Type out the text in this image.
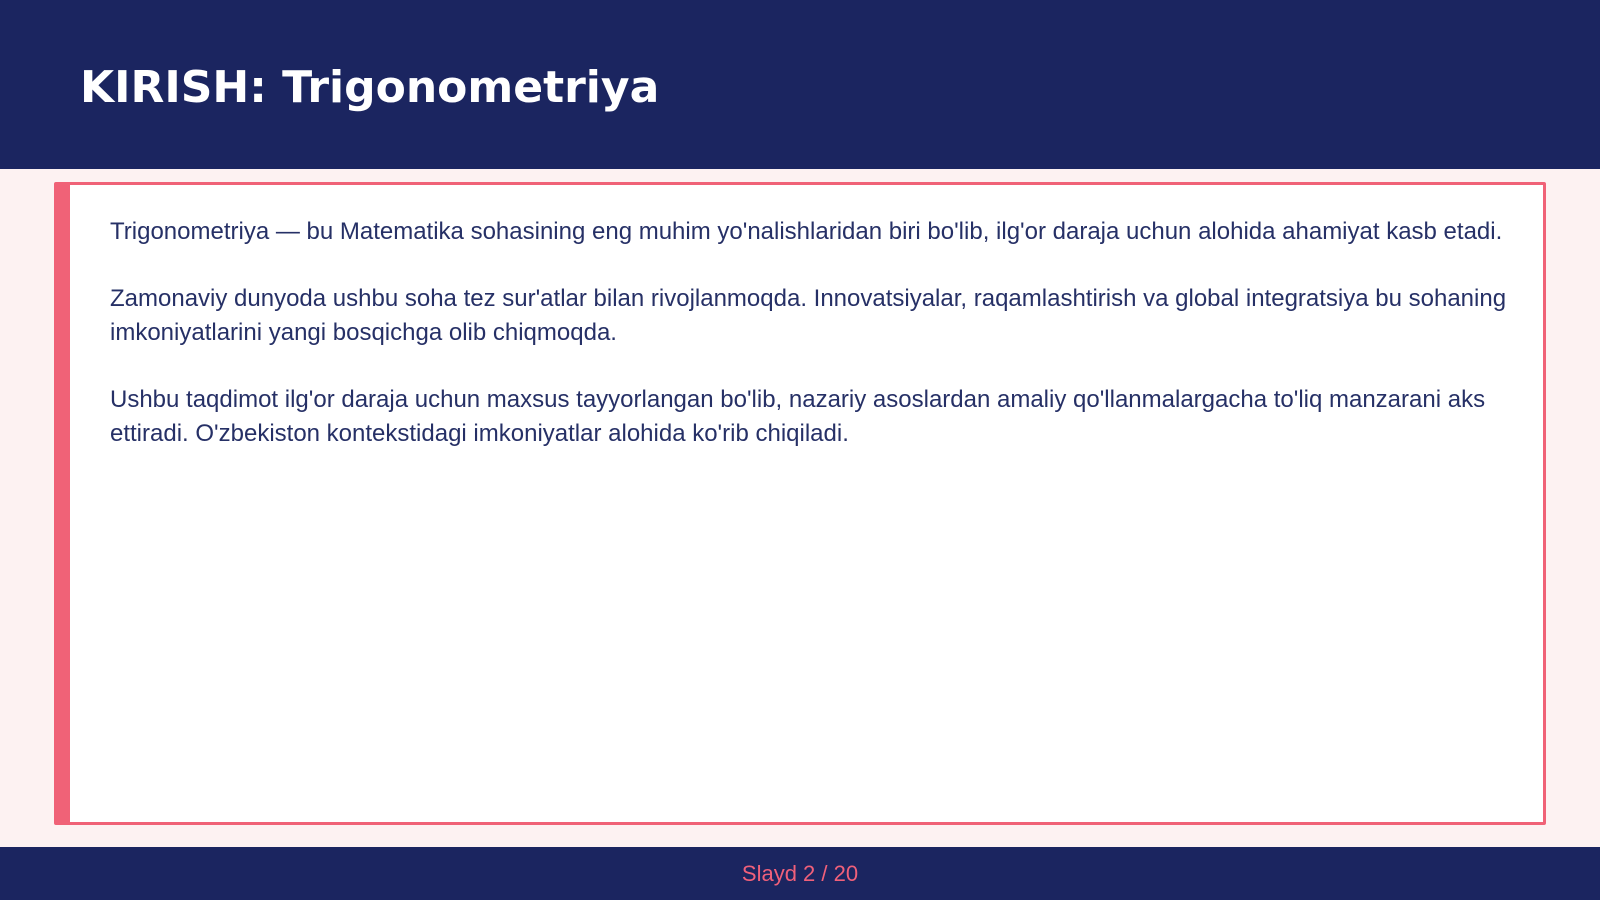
KIRISH: Trigonometriya

Trigonometriya — bu Matematika sohasining eng muhim yo'nalishlaridan biri bo'lib, ilg'or daraja uchun alohida ahamiyat kasb etadi.

Zamonaviy dunyoda ushbu soha tez sur'atlar bilan rivojlanmoqda. Innovatsiyalar, raqamlashtirish va global integratsiya bu sohaning imkoniyatlarini yangi bosqichga olib chiqmoqda.

Ushbu taqdimot ilg'or daraja uchun maxsus tayyorlangan bo'lib, nazariy asoslardan amaliy qo'llanmalargacha to'liq manzarani aks ettiradi. O'zbekiston kontekstidagi imkoniyatlar alohida ko'rib chiqiladi.

Slayd 2 / 20
